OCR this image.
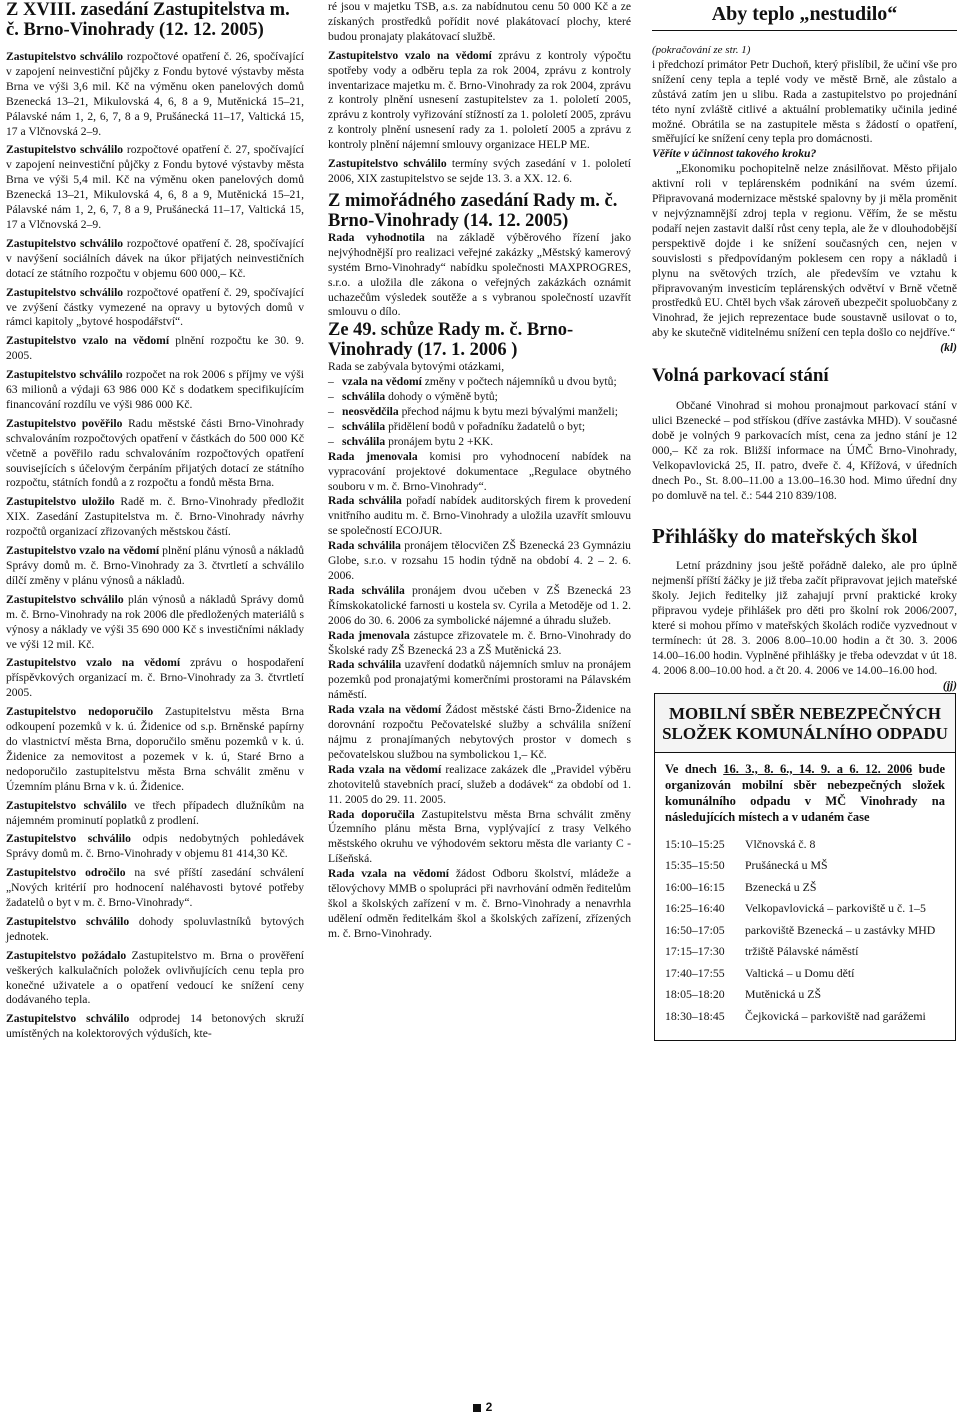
Z XVIII. zasedání Zastupitelstva m. č. Brno-Vinohrady (12. 12. 2005)

Zastupitelstvo schválilo rozpočtové opatření č. 26, spočívající v zapojení neinvestiční půjčky z Fondu bytové výstavby města Brna ve výši 3,6 mil. Kč na výměnu oken panelových domů Bzenecká 13–21, Mikulovská 4, 6, 8 a 9, Mutěnická 15–21, Pálavské nám 1, 2, 6, 7, 8 a 9, Prušánecká 11–17, Valtická 15, 17 a Vlčnovská 2–9.

Zastupitelstvo schválilo rozpočtové opatření č. 27, spočívající v zapojení neinvestiční půjčky z Fondu bytové výstavby města Brna ve výši 5,4 mil. Kč na výměnu oken panelových domů Bzenecká 13–21, Mikulovská 4, 6, 8 a 9, Mutěnická 15–21, Pálavské nám 1, 2, 6, 7, 8 a 9, Prušánecká 11–17, Valtická 15, 17 a Vlčnovská 2–9.

Zastupitelstvo schválilo rozpočtové opatření č. 28, spočívající v navýšení sociálních dávek na úkor přijatých neinvestičních dotací ze státního rozpočtu v objemu 600 000,– Kč.

Zastupitelstvo schválilo rozpočtové opatření č. 29, spočívající ve zvýšení částky vymezené na opravy u bytových domů v rámci kapitoly „bytové hospodářství“.

Zastupitelstvo vzalo na vědomí plnění rozpočtu ke 30. 9. 2005.

Zastupitelstvo schválilo rozpočet na rok 2006 s příjmy ve výši 63 milionů a výdaji 63 986 000 Kč s dodatkem specifikujícím financování rozdílu ve výši 986 000 Kč.

Zastupitelstvo pověřilo Radu městské části Brno-Vinohrady schvalováním rozpočtových opatření v částkách do 500 000 Kč včetně a pověřilo radu schvalováním rozpočtových opatření souvisejících s účelovým čerpáním přijatých dotací ze státního rozpočtu, státních fondů a z rozpočtu a fondů města Brna.

Zastupitelstvo uložilo Radě m. č. Brno-Vinohrady předložit XIX. Zasedání Zastupitelstva m. č. Brno-Vinohrady návrhy rozpočtů organizací zřizovaných městskou částí.

Zastupitelstvo vzalo na vědomí plnění plánu výnosů a nákladů Správy domů m. č. Brno-Vinohrady za 3. čtvrtletí a schválilo dílčí změny v plánu výnosů a nákladů.

Zastupitelstvo schválilo plán výnosů a nákladů Správy domů m. č. Brno-Vinohrady na rok 2006 dle předložených materiálů s výnosy a náklady ve výši 35 690 000 Kč s investičními náklady ve výši 12 mil. Kč.

Zastupitelstvo vzalo na vědomí zprávu o hospodaření příspěvkových organizací m. č. Brno-Vinohrady za 3. čtvrtletí 2005.

Zastupitelstvo nedoporučilo Zastupitelstvu města Brna odkoupení pozemků v k. ú. Židenice od s.p. Brněnské papírny do vlastnictví města Brna, doporučilo směnu pozemků v k. ú. Židenice za nemovitost a pozemek v k. ú, Staré Brno a nedoporučilo zastupitelstvu města Brna schválit změnu v Územním plánu Brna v k. ú. Židenice.

Zastupitelstvo schválilo ve třech případech dlužníkům na nájemném prominutí poplatků z prodlení.

Zastupitelstvo schválilo odpis nedobytných pohledávek Správy domů m. č. Brno-Vinohrady v objemu 81 414,30 Kč.

Zastupitelstvo odročilo na své příští zasedání schválení „Nových kritérií pro hodnocení naléhavosti bytové potřeby žadatelů o byt v m. č. Brno-Vinohrady“.

Zastupitelstvo schválilo dohody spoluvlastníků bytových jednotek.

Zastupitelstvo požádalo Zastupitelstvo m. Brna o prověření veškerých kalkulačních položek ovlivňujících cenu tepla pro konečné uživatele a o opatření vedoucí ke snížení ceny dodávaného tepla.

Zastupitelstvo schválilo odprodej 14 betonových skruží umístěných na kolektorových výduších, kte-

ré jsou v majetku TSB, a.s. za nabídnutou cenu 50 000 Kč a ze získaných prostředků pořídit nové plakátovací plochy, které budou pronajaty plakátovací službě.

Zastupitelstvo vzalo na vědomí zprávu z kontroly výpočtu spotřeby vody a odběru tepla za rok 2004, zprávu z kontroly inventarizace majetku m. č. Brno-Vinohrady za rok 2004, zprávu z kontroly plnění usnesení zastupitelstev za 1. pololetí 2005, zprávu z kontroly vyřizování stížností za 1. pololetí 2005, zprávu z kontroly plnění usnesení rady za 1. pololetí 2005 a zprávu z kontroly plnění nájemní smlouvy organizace HELP ME.

Zastupitelstvo schválilo termíny svých zasedání v 1. pololetí 2006, XIX zastupitelstvo se sejde 13. 3. a XX. 12. 6.

Z mimořádného zasedání Rady m. č. Brno-Vinohrady (14. 12. 2005)

Rada vyhodnotila na základě výběrového řízení jako nejvýhodnější pro realizaci veřejné zakázky „Městský kamerový systém Brno-Vinohrady“ nabídku společnosti MAXPROGRES, s.r.o. a uložila dle zákona o veřejných zakázkách oznámit uchazečům výsledek soutěže a s vybranou společností uzavřít smlouvu o dílo.

Ze 49. schůze Rady m. č. Brno-Vinohrady (17. 1. 2006 )

Rada se zabývala bytovými otázkami,

– vzala na vědomí změny v počtech nájemníků u dvou bytů;
– schválila dohody o výměně bytů;
– neosvědčila přechod nájmu k bytu mezi bývalými manželi;
– schválila přidělení bodů v pořadníku žadatelů o byt;
– schválila pronájem bytu 2 +KK.

Rada jmenovala komisi pro vyhodnocení nabídek na vypracování projektové dokumentace „Regulace obytného souboru v m. č. Brno-Vinohrady“.

Rada schválila pořadí nabídek auditorských firem k provedení vnitřního auditu m. č. Brno-Vinohrady a uložila uzavřít smlouvu se společností ECOJUR.

Rada schválila pronájem tělocvičen ZŠ Bzenecká 23 Gymnáziu Globe, s.r.o. v rozsahu 15 hodin týdně na období 4. 2 – 2. 6. 2006.

Rada schválila pronájem dvou učeben v ZŠ Bzenecká 23 Římskokatolické farnosti u kostela sv. Cyrila a Metoděje od 1. 2. 2006 do 30. 6. 2006 za symbolické nájemné a úhradu služeb.

Rada jmenovala zástupce zřizovatele m. č. Brno-Vinohrady do Školské rady ZŠ Bzenecká 23 a ZŠ Mutěnická 23.

Rada schválila uzavření dodatků nájemních smluv na pronájem pozemků pod pronajatými komerčními prostorami na Pálavském náměstí.

Rada vzala na vědomí Žádost městské části Brno-Židenice na dorovnání rozpočtu Pečovatelské služby a schválila snížení nájmu z pronajímaných nebytových prostor v domech s pečovatelskou službou na symbolickou 1,– Kč.

Rada vzala na vědomí realizace zakázek dle „Pravidel výběru zhotovitelů stavebních prací, služeb a dodávek“ za období od 1. 11. 2005 do 29. 11. 2005.

Rada doporučila Zastupitelstvu města Brna schválit změny Územního plánu města Brna, vyplývající z trasy Velkého městského okruhu ve výhodovém sektoru města dle varianty C - Líšeňská.

Rada vzala na vědomí žádost Odboru školství, mládeže a tělovýchovy MMB o spolupráci při navrhování odměn ředitelům škol a školských zařízení v m. č. Brno-Vinohrady a nenavrhla udělení odměn ředitelkám škol a školských zařízení, zřízených m. č. Brno-Vinohrady.

Aby teplo „nestudilo“

(pokračování ze str. 1)

i předchozí primátor Petr Duchoň, který přislíbil, že učiní vše pro snížení ceny tepla a teplé vody ve městě Brně, ale zůstalo a zůstává zatím jen u slibu. Rada a zastupitelstvo po projednání této nyní zvláště citlivé a aktuální problematiky učinila jediné možné. Obrátila se na zastupitele města s žádostí o opatření, směřující ke snížení ceny tepla pro domácnosti.

Věříte v účinnost takového kroku?

„Ekonomiku pochopitelně nelze znásilňovat. Město přijalo aktivní roli v teplárenském podnikání na svém území. Připravovaná modernizace městské spalovny by ji měla proměnit v nejvýznamnější zdroj tepla v regionu. Věřím, že se městu podaří nejen zastavit další růst ceny tepla, ale že v dlouhodobější perspektivě dojde i ke snížení současných cen, nejen v souvislosti s předpovídaným poklesem cen ropy a nákladů i plynu na světových trzích, ale především ve vztahu k připravovaným investicím teplárenských odvětví v Brně včetně prostředků EU. Chtěl bych však zároveň ubezpečit spoluobčany z Vinohrad, že jejich reprezentace bude soustavně usilovat o to, aby ke skutečně viditelnému snížení cen tepla došlo co nejdříve.“
(kl)

Volná parkovací stání

Občané Vinohrad si mohou pronajmout parkovací stání v ulici Bzenecké – pod střískou (dříve zastávka MHD). V současné době je volných 9 parkovacích míst, cena za jedno stání je 12 000,– Kč za rok. Bližší informace na ÚMČ Brno-Vinohrady, Velkopavlovická 25, II. patro, dveře č. 4, Křížová, v úředních dnech Po., St. 8.00–11.00 a 13.00–16.30 hod. Mimo úřední dny po domluvě na tel. č.: 544 210 839/108.

Přihlášky do mateřských škol

Letní prázdniny jsou ještě pořádně daleko, ale pro úplně nejmenší příští žáčky je již třeba začít připravovat jejich mateřské školy. Jejich ředitelky již zahajují první praktické kroky připravou vydeje přihlášek pro děti pro školní rok 2006/2007, které si mohou přímo v mateřských školách rodiče vyzvednout v termínech: út 28. 3. 2006 8.00–10.00 hodin a čt 30. 3. 2006 14.00–16.00 hodin. Vyplněné přihlášky je třeba odevzdat v út 18. 4. 2006 8.00–10.00 hod. a čt 20. 4. 2006 ve 14.00–16.00 hod.
(jj)

MOBILNÍ SBĚR NEBEZPEČNÝCH SLOŽEK KOMUNÁLNÍHO ODPADU
Ve dnech 16. 3., 8. 6., 14. 9. a 6. 12. 2006 bude organizován mobilní sběr nebezpečných složek komunálního odpadu v MČ Vinohrady na následujících místech a v udaném čase
15:10–15:25	Vlčnovská č. 8
15:35–15:50	Prušánecká u MŠ
16:00–16:15	Bzenecká u ZŠ
16:25–16:40	Velkopavlovická – parkoviště u č. 1–5
16:50–17:05	parkoviště Bzenecká – u zastávky MHD
17:15–17:30	tržiště Pálavské náměstí
17:40–17:55	Valtická – u Domu dětí
18:05–18:20	Mutěnická u ZŠ
18:30–18:45	Čejkovická – parkoviště nad garážemi
2
